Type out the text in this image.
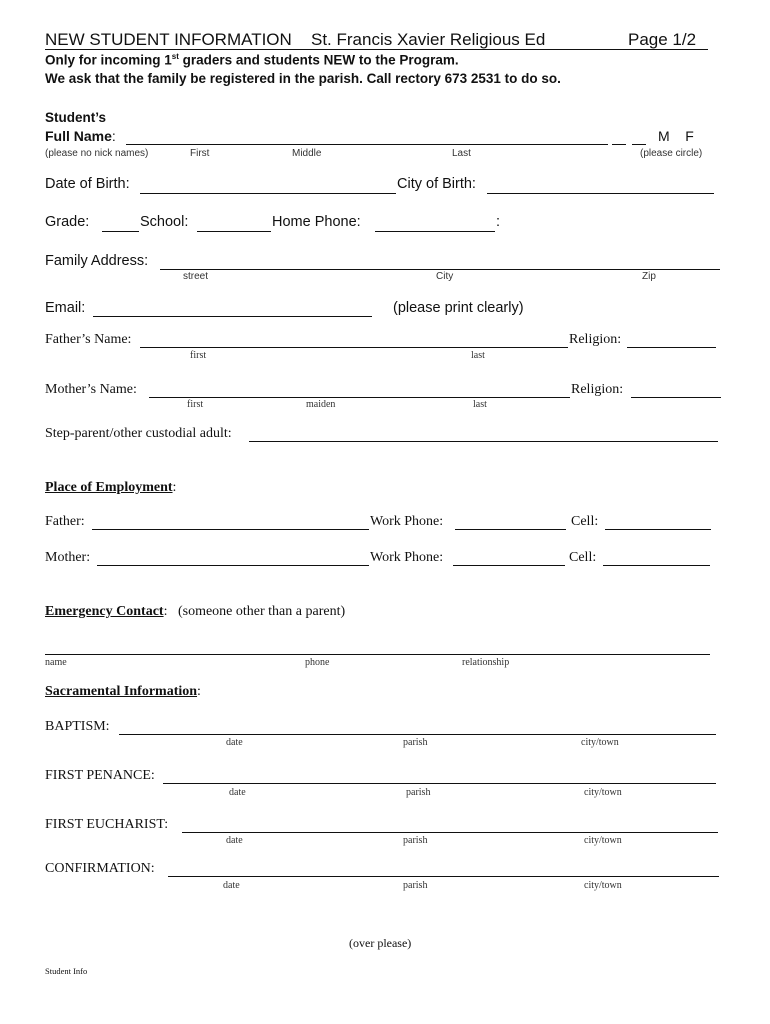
NEW STUDENT INFORMATION St. Francis Xavier Religious Ed	Page 1/2
Only for incoming 1st graders and students NEW to the Program.
We ask that the family be registered in the parish. Call rectory 673 2531 to do so.
Student’s
Full Name:	M    F
(please no nick names)	First	Middle	Last	(please circle)
Date of Birth:	City of Birth:
Grade:	School:	Home Phone:	:
Family Address:
street	City	Zip
Email:	(please print clearly)
Father’s Name:	Religion:
first	last
Mother’s Name:	Religion:
first	maiden	last
Step-parent/other custodial adult:
Place of Employment:
Father:	Work Phone:	Cell:
Mother:	Work Phone:	Cell:
Emergency Contact:   (someone other than a parent)
name	phone	relationship
Sacramental Information:
BAPTISM:
date	parish	city/town
FIRST PENANCE:
date	parish	city/town
FIRST EUCHARIST:
date	parish	city/town
CONFIRMATION:
date	parish	city/town
(over please)
Student Info
